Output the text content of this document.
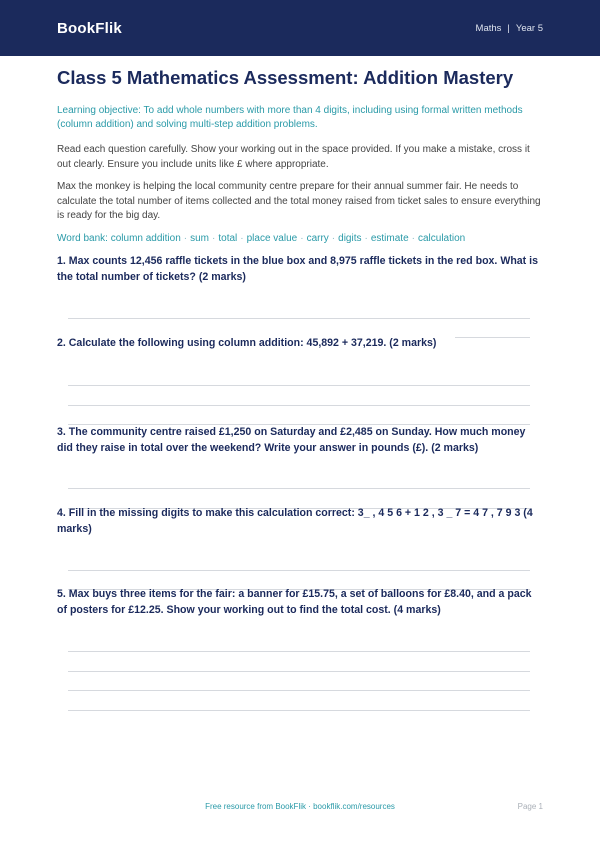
BookFlik	Maths | Year 5
Class 5 Mathematics Assessment: Addition Mastery
Learning objective: To add whole numbers with more than 4 digits, including using formal written methods (column addition) and solving multi-step addition problems.
Read each question carefully. Show your working out in the space provided. If you make a mistake, cross it out clearly. Ensure you include units like £ where appropriate.
Max the monkey is helping the local community centre prepare for their annual summer fair. He needs to calculate the total number of items collected and the total money raised from ticket sales to ensure everything is ready for the big day.
Word bank: column addition · sum · total · place value · carry · digits · estimate · calculation
1. Max counts 12,456 raffle tickets in the blue box and 8,975 raffle tickets in the red box. What is the total number of tickets? (2 marks)
2. Calculate the following using column addition: 45,892 + 37,219. (2 marks)
3. The community centre raised £1,250 on Saturday and £2,485 on Sunday. How much money did they raise in total over the weekend? Write your answer in pounds (£). (2 marks)
4. Fill in the missing digits to make this calculation correct: 3_ , 4 5 6 + 1 2 , 3 _ 7 = 4 7 , 7 9 3 (4 marks)
5. Max buys three items for the fair: a banner for £15.75, a set of balloons for £8.40, and a pack of posters for £12.25. Show your working out to find the total cost. (4 marks)
Free resource from BookFlik · bookflik.com/resources	Page 1
